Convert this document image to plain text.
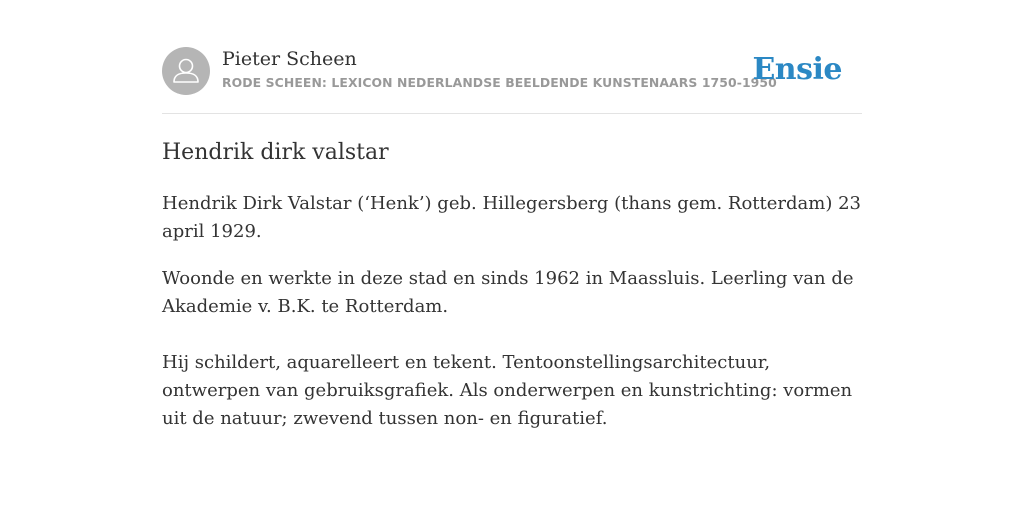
Pieter Scheen
RODE SCHEEN: LEXICON NEDERLANDSE BEELDENDE KUNSTENAARS 1750-1950
Ensie
Hendrik dirk valstar

Hendrik Dirk Valstar (‘Henk’) geb. Hillegersberg (thans gem. Rotterdam) 23 april 1929.

Woonde en werkte in deze stad en sinds 1962 in Maassluis. Leerling van de Akademie v. B.K. te Rotterdam.

Hij schildert, aquarelleert en tekent. Tentoonstellingsarchitectuur, ontwerpen van gebruiksgrafiek. Als onderwerpen en kunstrichting: vormen uit de natuur; zwevend tussen non- en figuratief.
